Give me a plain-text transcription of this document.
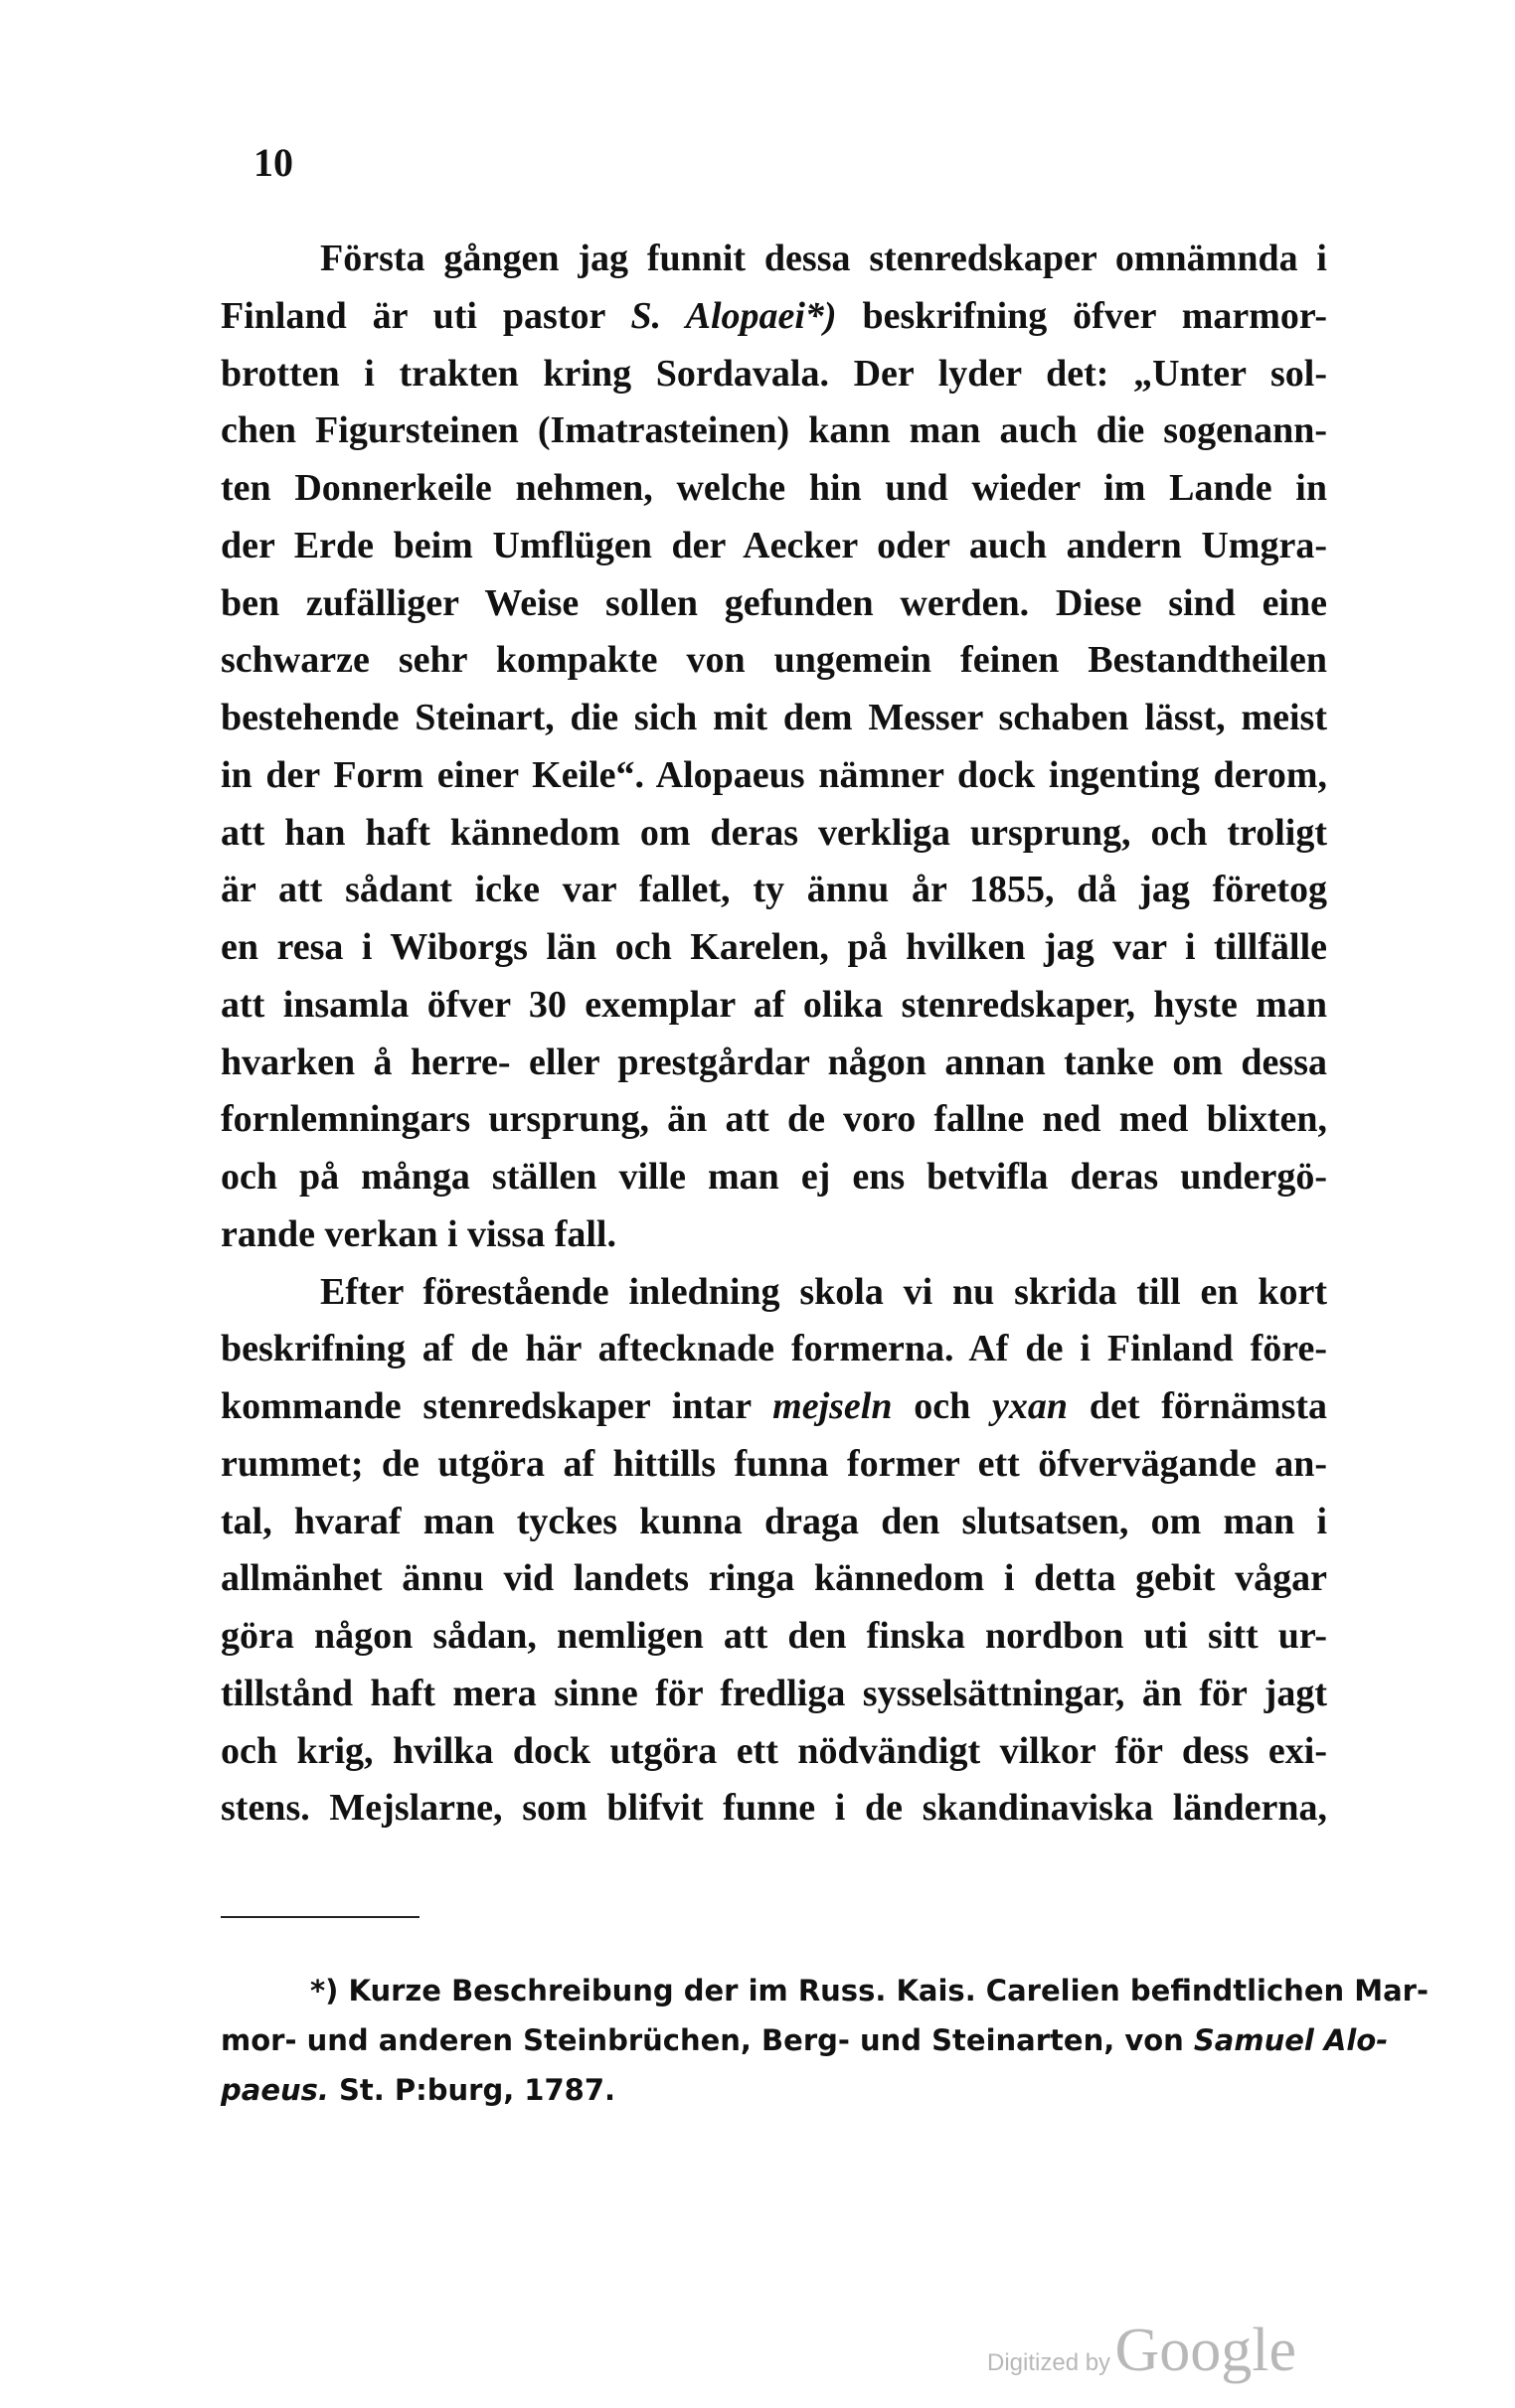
10

Första gången jag funnit dessa stenredskaper omnämnda i
Finland är uti pastor S. Alopaei*) beskrifning öfver marmor-
brotten i trakten kring Sordavala. Der lyder det: „Unter sol-
chen Figursteinen (Imatrasteinen) kann man auch die sogenann-
ten Donnerkeile nehmen, welche hin und wieder im Lande in
der Erde beim Umflügen der Aecker oder auch andern Umgra-
ben zufälliger Weise sollen gefunden werden. Diese sind eine
schwarze sehr kompakte von ungemein feinen Bestandtheilen
bestehende Steinart, die sich mit dem Messer schaben lässt, meist
in der Form einer Keile“. Alopaeus nämner dock ingenting derom,
att han haft kännedom om deras verkliga ursprung, och troligt
är att sådant icke var fallet, ty ännu år 1855, då jag företog
en resa i Wiborgs län och Karelen, på hvilken jag var i tillfälle
att insamla öfver 30 exemplar af olika stenredskaper, hyste man
hvarken å herre- eller prestgårdar någon annan tanke om dessa
fornlemningars ursprung, än att de voro fallne ned med blixten,
och på många ställen ville man ej ens betvifla deras undergö-
rande verkan i vissa fall.
Efter förestående inledning skola vi nu skrida till en kort
beskrifning af de här aftecknade formerna. Af de i Finland före-
kommande stenredskaper intar mejseln och yxan det förnämsta
rummet; de utgöra af hittills funna former ett öfvervägande an-
tal, hvaraf man tyckes kunna draga den slutsatsen, om man i
allmänhet ännu vid landets ringa kännedom i detta gebit vågar
göra någon sådan, nemligen att den finska nordbon uti sitt ur-
tillstånd haft mera sinne för fredliga sysselsättningar, än för jagt
och krig, hvilka dock utgöra ett nödvändigt vilkor för dess exi-
stens. Mejslarne, som blifvit funne i de skandinaviska länderna,
*) Kurze Beschreibung der im Russ. Kais. Carelien befindtlichen Mar-
mor- und anderen Steinbrüchen, Berg- und Steinarten, von Samuel Alo-
paeus. St. P:burg, 1787.
Digitized by Google
